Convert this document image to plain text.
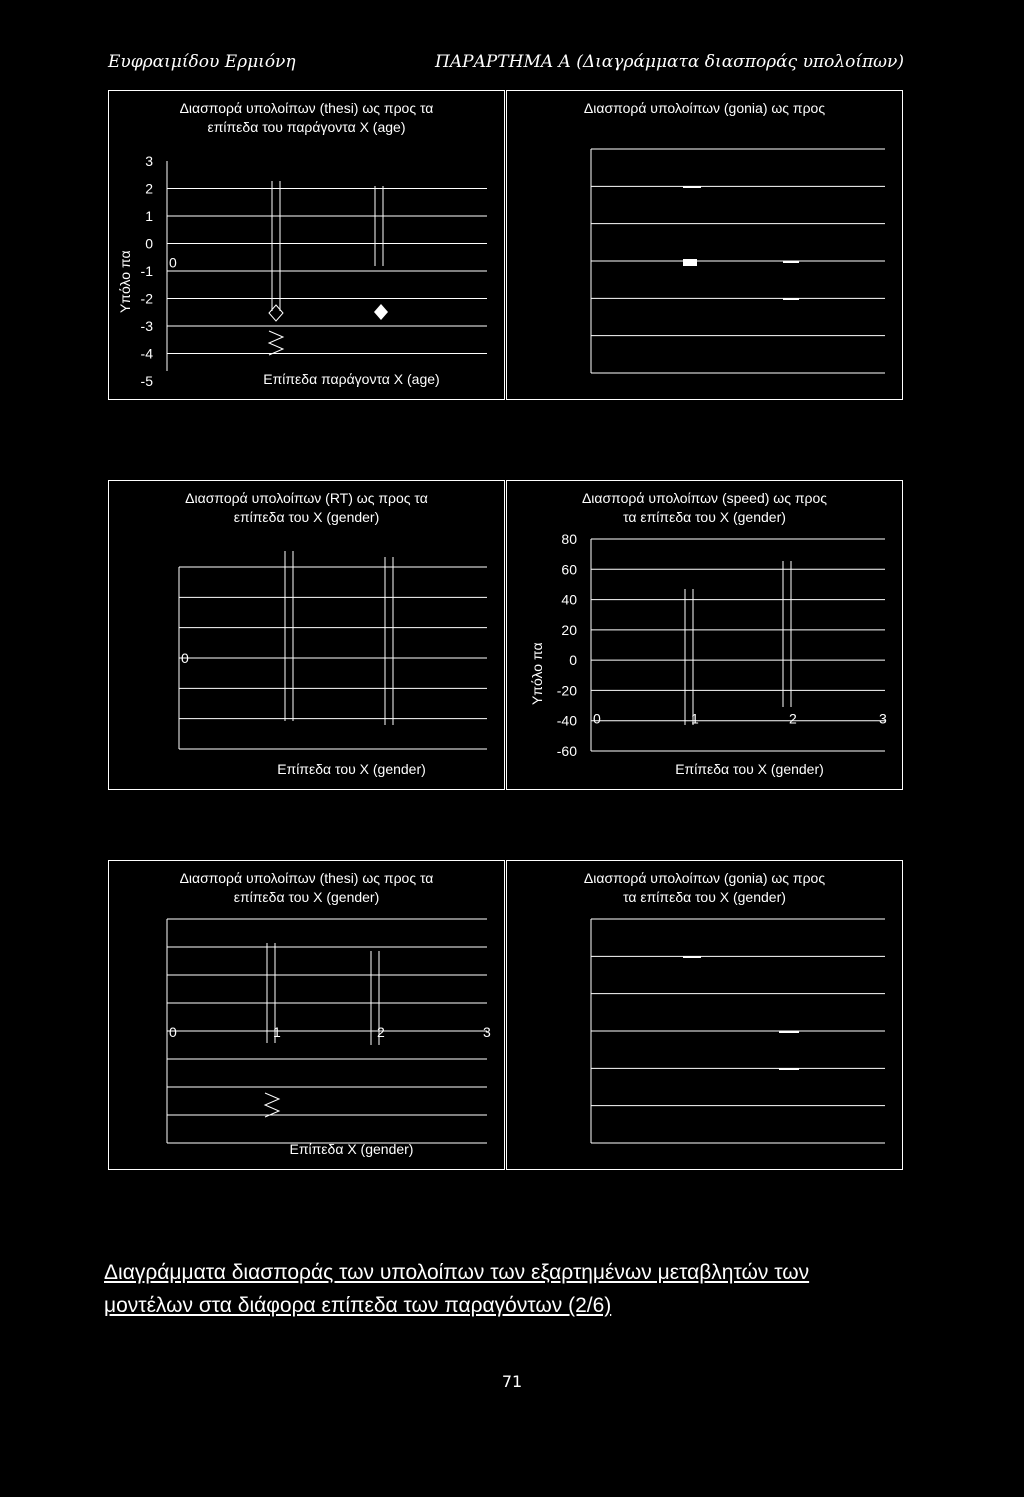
Ευφραιμίδου Ερμιόνη	ΠΑΡΑΡΤΗΜΑ Α (Διαγράμματα διασποράς υπολοίπων)
3
2
1
0
-1
-2
-3
-4
-5
0
Διασπορά υπολοίπων (thesi) ως προς τα
επίπεδα του παράγοντα X (age)
Υπόλο πα
Επίπεδα παράγοντα X (age)
Διασπορά υπολοίπων (gonia) ως προς
0
Διασπορά υπολοίπων (RT) ως προς τα
επίπεδα του X (gender)
Επίπεδα του X (gender)
80
60
40
20
0
-20
-40
-60
0	1	2	3
Διασπορά υπολοίπων (speed) ως προς
τα επίπεδα του X (gender)
Υπόλο πα
Επίπεδα του X (gender)
0	1	2	3
Διασπορά υπολοίπων (thesi) ως προς τα
επίπεδα του X (gender)
Επίπεδα X (gender)
Διασπορά υπολοίπων (gonia) ως προς
τα επίπεδα του X (gender)
Διαγράμματα διασποράς των υπολοίπων των εξαρτημένων μεταβλητών των
μοντέλων στα διάφορα επίπεδα των παραγόντων (2/6)
71
